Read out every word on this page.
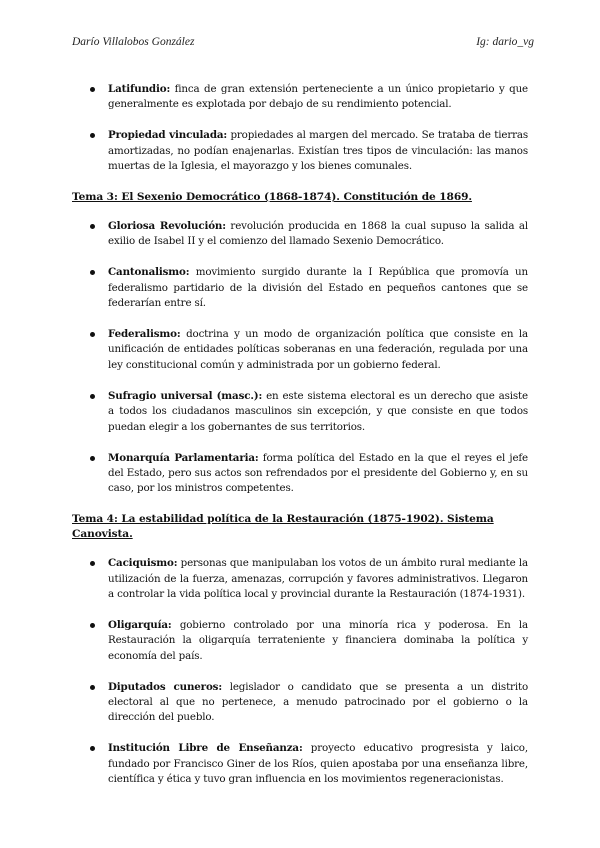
Darío Villalobos González	Ig: dario_vg
Latifundio: finca de gran extensión perteneciente a un único propietario y que generalmente es explotada por debajo de su rendimiento potencial.
Propiedad vinculada: propiedades al margen del mercado. Se trataba de tierras amortizadas, no podían enajenarlas. Existían tres tipos de vinculación: las manos muertas de la Iglesia, el mayorazgo y los bienes comunales.
Tema 3: El Sexenio Democrático (1868-1874). Constitución de 1869.
Gloriosa Revolución: revolución producida en 1868 la cual supuso la salida al exilio de Isabel II y el comienzo del llamado Sexenio Democrático.
Cantonalismo: movimiento surgido durante la I República que promovía un federalismo partidario de la división del Estado en pequeños cantones que se federarían entre sí.
Federalismo: doctrina y un modo de organización política que consiste en la unificación de entidades políticas soberanas en una federación, regulada por una ley constitucional común y administrada por un gobierno federal.
Sufragio universal (masc.): en este sistema electoral es un derecho que asiste a todos los ciudadanos masculinos sin excepción, y que consiste en que todos puedan elegir a los gobernantes de sus territorios.
Monarquía Parlamentaria: forma política del Estado en la que el reyes el jefe del Estado, pero sus actos son refrendados por el presidente del Gobierno y, en su caso, por los ministros competentes.
Tema 4: La estabilidad política de la Restauración (1875-1902). Sistema Canovista.
Caciquismo: personas que manipulaban los votos de un ámbito rural mediante la utilización de la fuerza, amenazas, corrupción y favores administrativos. Llegaron a controlar la vida política local y provincial durante la Restauración (1874-1931).
Oligarquía: gobierno controlado por una minoría rica y poderosa. En la Restauración la oligarquía terrateniente y financiera dominaba la política y economía del país.
Diputados cuneros: legislador o candidato que se presenta a un distrito electoral al que no pertenece, a menudo patrocinado por el gobierno o la dirección del pueblo.
Institución Libre de Enseñanza: proyecto educativo progresista y laico, fundado por Francisco Giner de los Ríos, quien apostaba por una enseñanza libre, científica y ética y tuvo gran influencia en los movimientos regeneracionistas.
